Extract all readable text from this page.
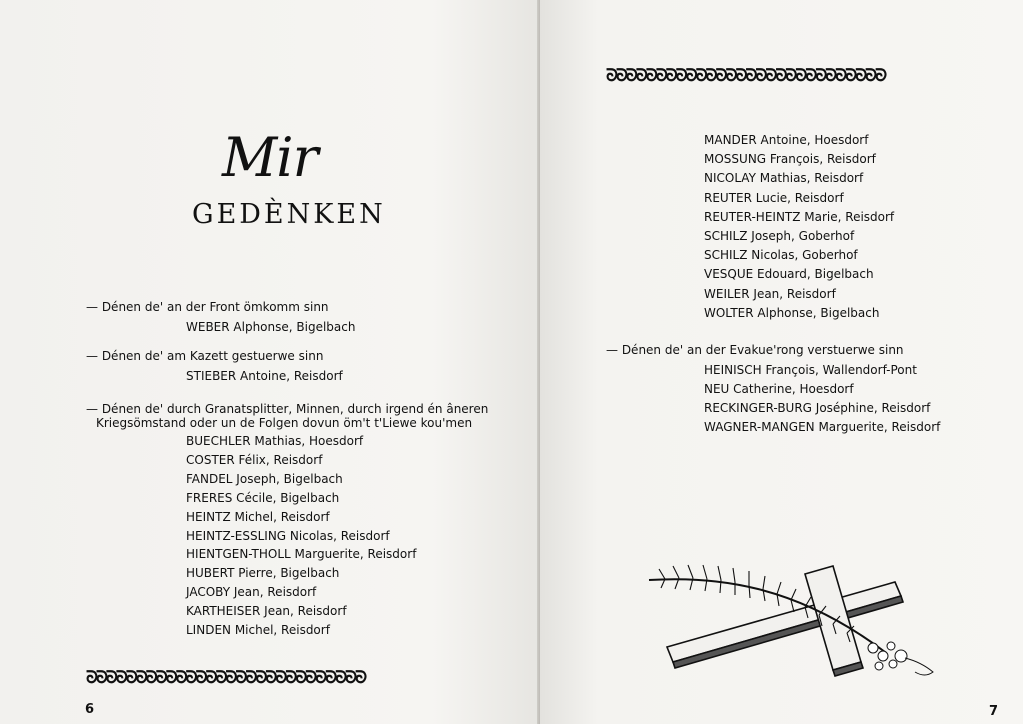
Mir
GEDÈNKEN
— Dénen de' an der Front ömkomm sinn
WEBER Alphonse, Bigelbach
— Dénen de' am Kazett gestuerwe sinn
STIEBER Antoine, Reisdorf
— Dénen de' durch Granatsplitter, Minnen, durch irgend én âneren
Kriegsömstand oder un de Folgen dovun öm't t'Liewe kou'men
BUECHLER Mathias, Hoesdorf
COSTER Félix, Reisdorf
FANDEL Joseph, Bigelbach
FRERES Cécile, Bigelbach
HEINTZ Michel, Reisdorf
HEINTZ-ESSLING Nicolas, Reisdorf
HIENTGEN-THOLL Marguerite, Reisdorf
HUBERT Pierre, Bigelbach
JACOBY Jean, Reisdorf
KARTHEISER Jean, Reisdorf
LINDEN Michel, Reisdorf
ᘐᘐᘐᘐᘐᘐᘐᘐᘐᘐᘐᘐᘐᘐᘐᘐᘐᘐᘐᘐᘐᘐᘐᘐᘐᘐᘐᘐ
6
ᘐᘐᘐᘐᘐᘐᘐᘐᘐᘐᘐᘐᘐᘐᘐᘐᘐᘐᘐᘐᘐᘐᘐᘐᘐᘐᘐᘐ
MANDER Antoine, Hoesdorf
MOSSUNG François, Reisdorf
NICOLAY Mathias, Reisdorf
REUTER Lucie, Reisdorf
REUTER-HEINTZ Marie, Reisdorf
SCHILZ Joseph, Goberhof
SCHILZ Nicolas, Goberhof
VESQUE Edouard, Bigelbach
WEILER Jean, Reisdorf
WOLTER Alphonse, Bigelbach
— Dénen de' an der Evakue'rong verstuerwe sinn
HEINISCH François, Wallendorf-Pont
NEU Catherine, Hoesdorf
RECKINGER-BURG Joséphine, Reisdorf
WAGNER-MANGEN Marguerite, Reisdorf
7
